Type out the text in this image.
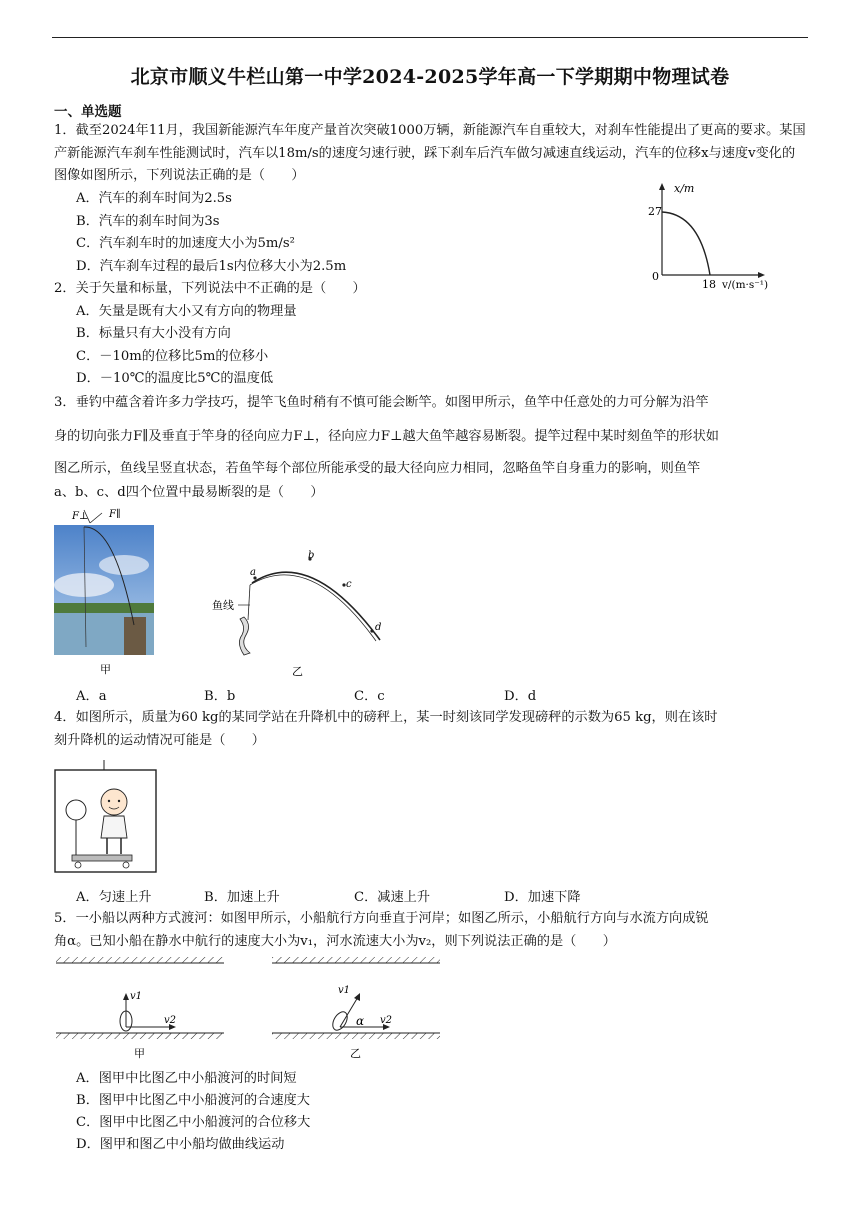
北京市顺义牛栏山第一中学2024-2025学年高一下学期期中物理试卷
一、单选题
1．截至2024年11月，我国新能源汽车年度产量首次突破1000万辆，新能源汽车自重较大，对刹车性能提出了更高的要求。某国产新能源汽车刹车性能测试时，汽车以18m/s的速度匀速行驶，踩下刹车后汽车做匀减速直线运动，汽车的位移x与速度v变化的图像如图所示，下列说法正确的是（　　）
A．汽车的刹车时间为2.5s
B．汽车的刹车时间为3s
C．汽车刹车时的加速度大小为5m/s²
D．汽车刹车过程的最后1s内位移大小为2.5m
x/m
27
0
18 v/(m·s⁻¹)
2．关于矢量和标量，下列说法中不正确的是（　　）
A．矢量是既有大小又有方向的物理量
B．标量只有大小没有方向
C．－10m的位移比5m的位移小
D．－10℃的温度比5℃的温度低
3．垂钓中蕴含着许多力学技巧，提竿飞鱼时稍有不慎可能会断竿。如图甲所示，鱼竿中任意处的力可分解为沿竿
身的切向张力F∥及垂直于竿身的径向应力F⊥，径向应力F⊥越大鱼竿越容易断裂。提竿过程中某时刻鱼竿的形状如
图乙所示，鱼线呈竖直状态，若鱼竿每个部位所能承受的最大径向应力相同，忽略鱼竿自身重力的影响，则鱼竿
a、b、c、d四个位置中最易断裂的是（　　）
F⊥ F∥
甲
a
b
c
d
鱼线
乙
A．a	B．b	C．c	D．d
4．如图所示，质量为60 kg的某同学站在升降机中的磅秤上，某一时刻该同学发现磅秤的示数为65 kg，则在该时
刻升降机的运动情况可能是（　　）
A．匀速上升	B．加速上升	C．减速上升	D．加速下降
5．一小船以两种方式渡河：如图甲所示，小船航行方向垂直于河岸；如图乙所示，小船航行方向与水流方向成锐
角α。已知小船在静水中航行的速度大小为v₁，河水流速大小为v₂，则下列说法正确的是（　　）
v1
v2
甲
v1
α v2
乙
A．图甲中比图乙中小船渡河的时间短
B．图甲中比图乙中小船渡河的合速度大
C．图甲中比图乙中小船渡河的合位移大
D．图甲和图乙中小船均做曲线运动
